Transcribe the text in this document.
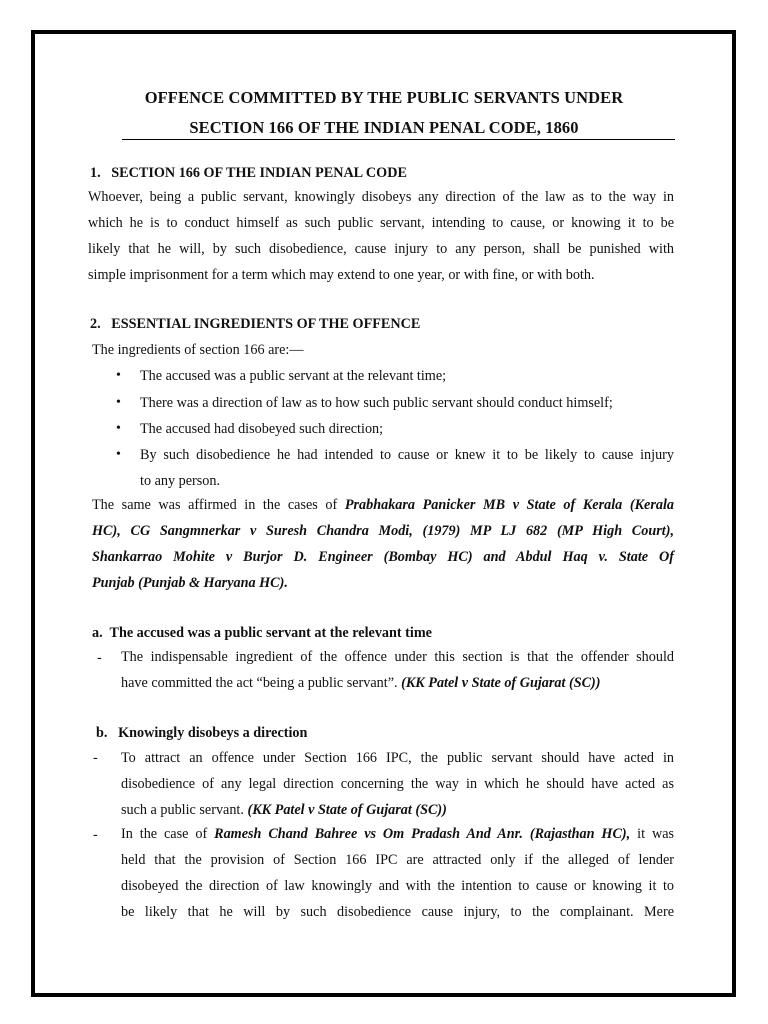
OFFENCE COMMITTED BY THE PUBLIC SERVANTS UNDER
SECTION 166 OF THE INDIAN PENAL CODE, 1860
1.   SECTION 166 OF THE INDIAN PENAL CODE
Whoever, being a public servant, knowingly disobeys any direction of the law as to the way in
which he is to conduct himself as such public servant, intending to cause, or knowing it to be
likely that he will, by such disobedience, cause injury to any person, shall be punished with
simple imprisonment for a term which may extend to one year, or with fine, or with both.
2.   ESSENTIAL INGREDIENTS OF THE OFFENCE
The ingredients of section 166 are:—
• The accused was a public servant at the relevant time;
• There was a direction of law as to how such public servant should conduct himself;
• The accused had disobeyed such direction;
• By such disobedience he had intended to cause or knew it to be likely to cause injury
to any person.
The same was affirmed in the cases of Prabhakara Panicker MB v State of Kerala (Kerala
HC), CG Sangmnerkar v Suresh Chandra Modi, (1979) MP LJ 682 (MP High Court),
Shankarrao Mohite v Burjor D. Engineer (Bombay HC) and Abdul Haq v. State Of
Punjab (Punjab & Haryana HC).
a.  The accused was a public servant at the relevant time
- The indispensable ingredient of the offence under this section is that the offender should
have committed the act “being a public servant”. (KK Patel v State of Gujarat (SC))
b.   Knowingly disobeys a direction
- To attract an offence under Section 166 IPC, the public servant should have acted in
disobedience of any legal direction concerning the way in which he should have acted as
such a public servant. (KK Patel v State of Gujarat (SC))
- In the case of Ramesh Chand Bahree vs Om Pradash And Anr. (Rajasthan HC), it was
held that the provision of Section 166 IPC are attracted only if the alleged of lender
disobeyed the direction of law knowingly and with the intention to cause or knowing it to
be likely that he will by such disobedience cause injury, to the complainant. Mere
